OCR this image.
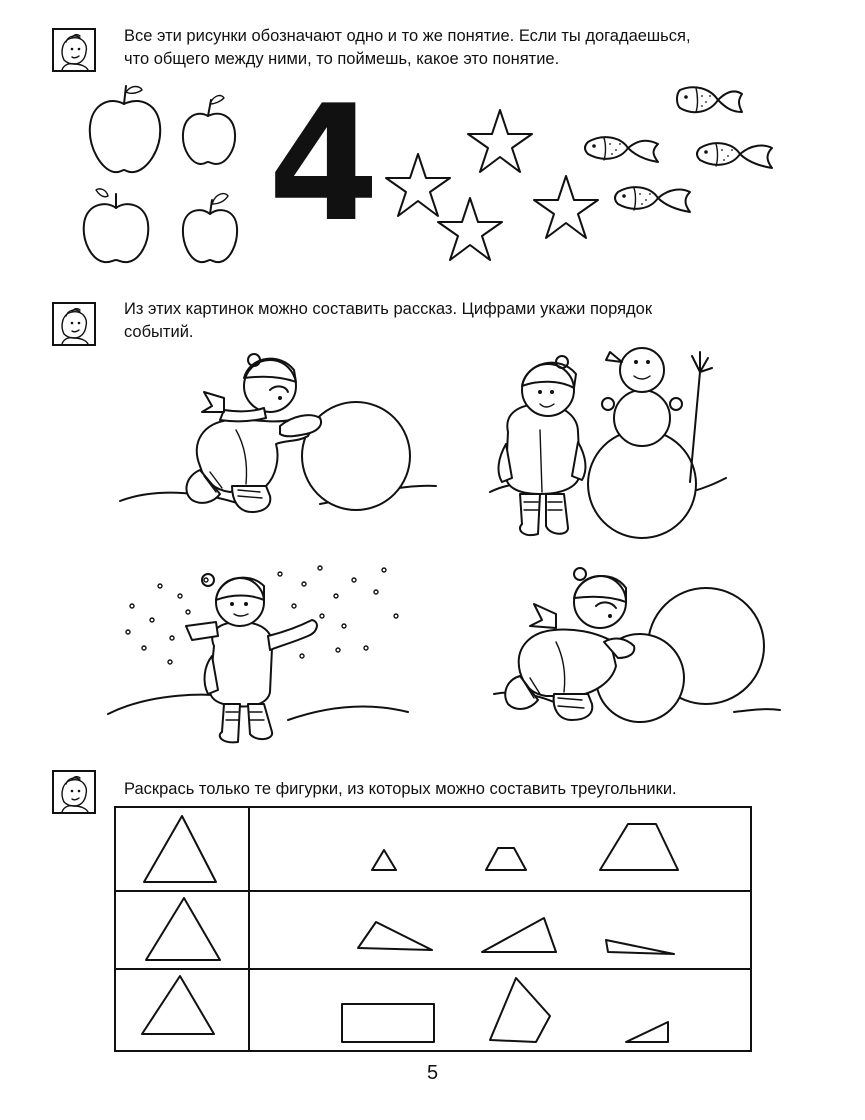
Все эти рисунки обозначают одно и то же понятие. Если ты догадаешься,
что общего между ними, то поймешь, какое это понятие.
4
Из этих картинок можно составить рассказ. Цифрами укажи порядок
событий.
Раскрась только те фигурки, из которых можно составить треугольники.
5
